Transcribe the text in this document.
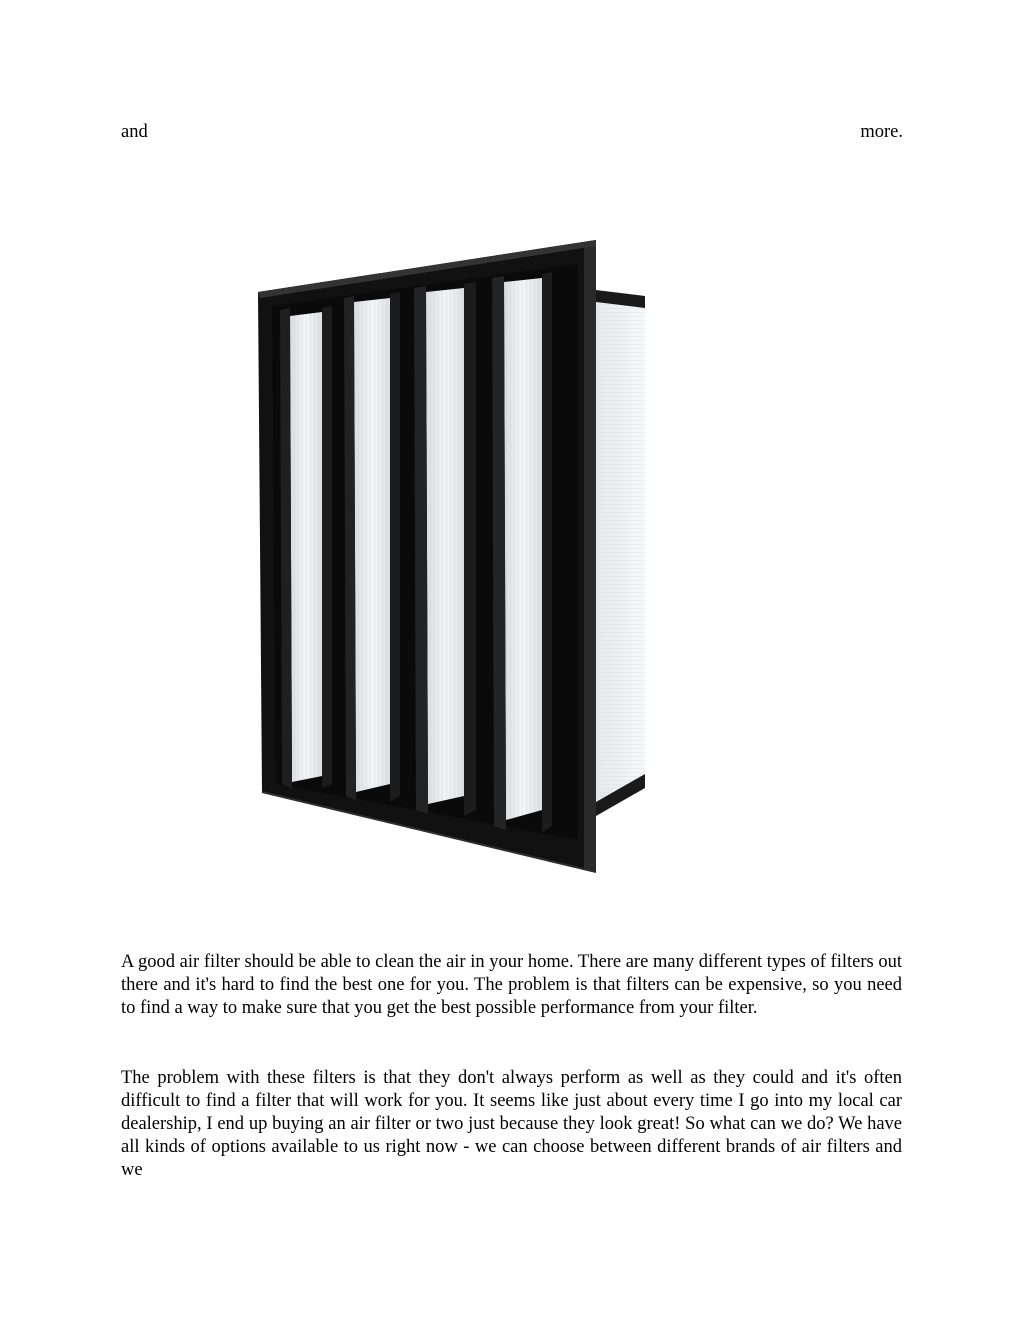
and	more.

A good air filter should be able to clean the air in your home. There are many different types of filters out there and it's hard to find the best one for you. The problem is that filters can be expensive, so you need to find a way to make sure that you get the best possible performance from your filter.

The problem with these filters is that they don't always perform as well as they could and it's often difficult to find a filter that will work for you. It seems like just about every time I go into my local car dealership, I end up buying an air filter or two just because they look great! So what can we do? We have all kinds of options available to us right now - we can choose between different brands of air filters and we
